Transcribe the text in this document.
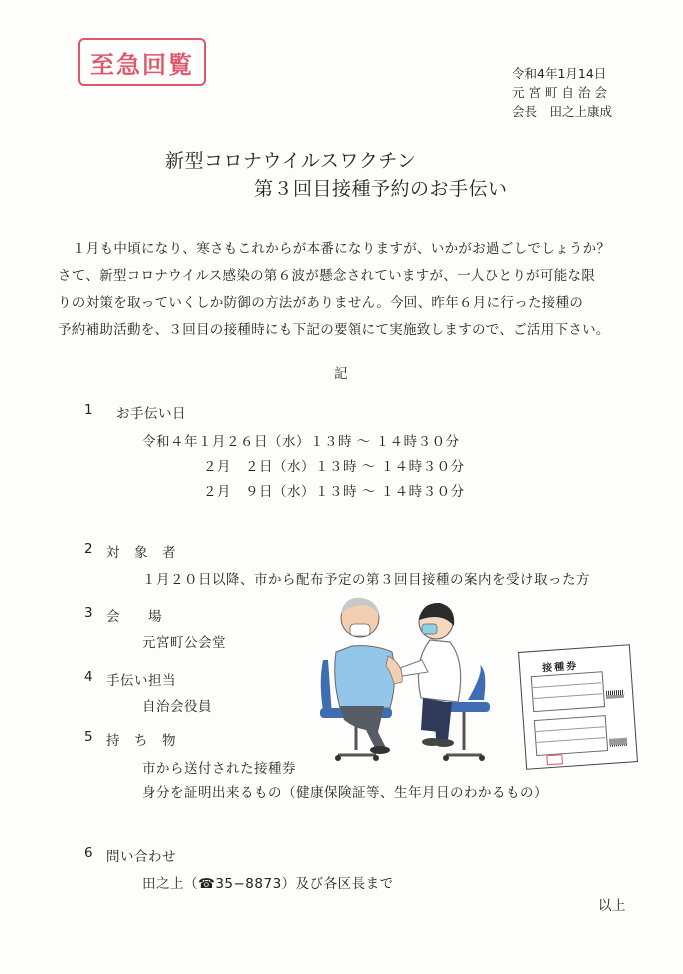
至急回覧	令和4年1月14日
元 宮 町 自 治 会
会長　田之上康成
新型コロナウイルスワクチン
第３回目接種予約のお手伝い
１月も中頃になり、寒さもこれからが本番になりますが、いかがお過ごしでしょうか？
さて、新型コロナウイルス感染の第６波が懸念されていますが、一人ひとりが可能な限
りの対策を取っていくしか防御の方法がありません。今回、昨年６月に行った接種の
予約補助活動を、３回目の接種時にも下記の要領にて実施致しますので、ご活用下さい。
記
1 お手伝い日
令和４年１月２６日（水）１３時 ～ １４時３０分
２月　２日（水）１３時 ～ １４時３０分
２月　９日（水）１３時 ～ １４時３０分
2 対　象　者
１月２０日以降、市から配布予定の第３回目接種の案内を受け取った方
3 会　　場
元宮町公会堂
4 手伝い担当
自治会役員
5 持　ち　物
市から送付された接種券
身分を証明出来るもの（健康保険証等、生年月日のわかるもの）
6 問い合わせ
田之上（☎35−8873）及び各区長まで
以上
接種券
